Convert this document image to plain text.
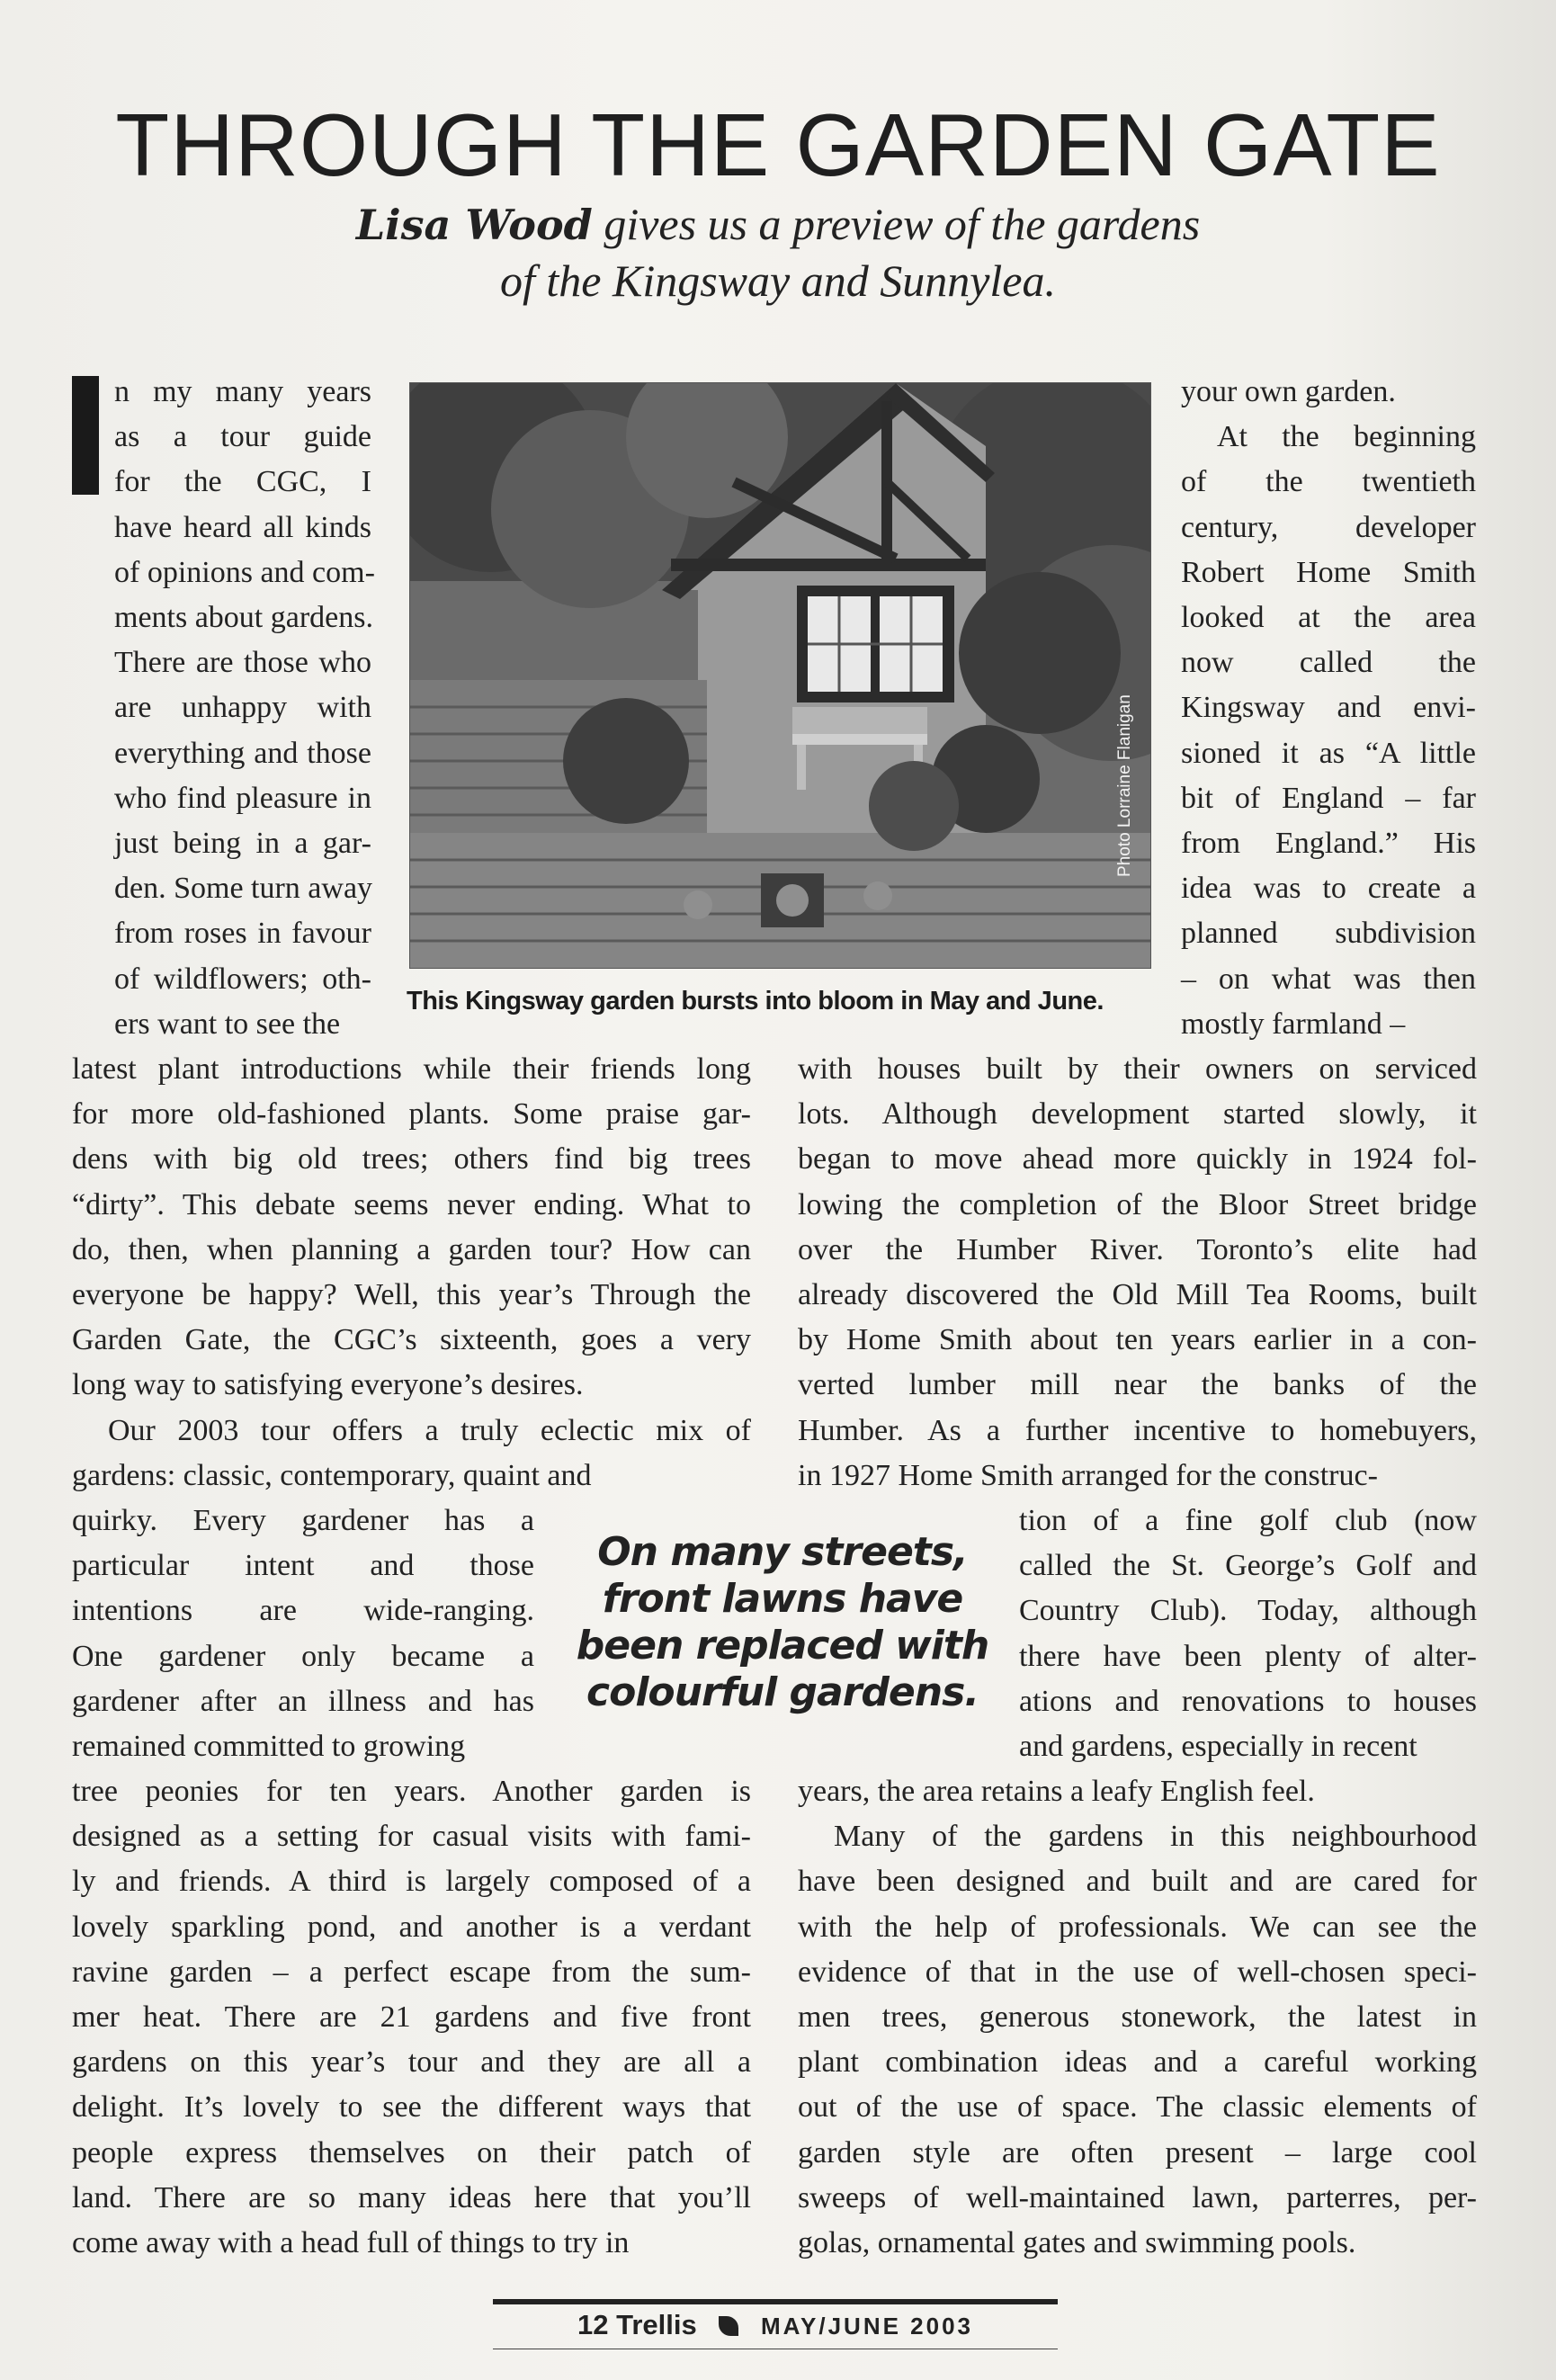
THROUGH THE GARDEN GATE
Lisa Wood gives us a preview of the gardens
of the Kingsway and Sunnylea.

n my many years

as a tour guide

for the CGC, I

have heard all kinds

of opinions and com-

ments about gardens.

There are those who

are unhappy with

everything and those

who find pleasure in

just being in a gar-

den. Some turn away

from roses in favour

of wildflowers; oth-

ers want to see the

latest plant introductions while their friends long

for more old-fashioned plants. Some praise gar-

dens with big old trees; others find big trees

“dirty”. This debate seems never ending. What to

do, then, when planning a garden tour? How can

everyone be happy? Well, this year’s Through the

Garden Gate, the CGC’s sixteenth, goes a very

long way to satisfying everyone’s desires.

Our 2003 tour offers a truly eclectic mix of

gardens: classic, contemporary, quaint and

quirky. Every gardener has a

particular intent and those

intentions are wide-ranging.

One gardener only became a

gardener after an illness and has

remained committed to growing

tree peonies for ten years. Another garden is

designed as a setting for casual visits with fami-

ly and friends. A third is largely composed of a

lovely sparkling pond, and another is a verdant

ravine garden – a perfect escape from the sum-

mer heat. There are 21 gardens and five front

gardens on this year’s tour and they are all a

delight. It’s lovely to see the different ways that

people express themselves on their patch of

land. There are so many ideas here that you’ll

come away with a head full of things to try in

your own garden.

At the beginning

of the twentieth

century, developer

Robert Home Smith

looked at the area

now called the

Kingsway and envi-

sioned it as “A little

bit of England – far

from England.” His

idea was to create a

planned subdivision

– on what was then

mostly farmland –

with houses built by their owners on serviced

lots. Although development started slowly, it

began to move ahead more quickly in 1924 fol-

lowing the completion of the Bloor Street bridge

over the Humber River. Toronto’s elite had

already discovered the Old Mill Tea Rooms, built

by Home Smith about ten years earlier in a con-

verted lumber mill near the banks of the

Humber. As a further incentive to homebuyers,

in 1927 Home Smith arranged for the construc-

tion of a fine golf club (now

called the St. George’s Golf and

Country Club). Today, although

there have been plenty of alter-

ations and renovations to houses

and gardens, especially in recent

years, the area retains a leafy English feel.

Many of the gardens in this neighbourhood

have been designed and built and are cared for

with the help of professionals. We can see the

evidence of that in the use of well-chosen speci-

men trees, generous stonework, the latest in

plant combination ideas and a careful working

out of the use of space. The classic elements of

garden style are often present – large cool

sweeps of well-maintained lawn, parterres, per-

golas, ornamental gates and swimming pools.

Photo Lorraine Flanigan
This Kingsway garden bursts into bloom in May and June.
On many streets,
front lawns have
been replaced with
colourful gardens.
12 Trellis	MAY/JUNE 2003
